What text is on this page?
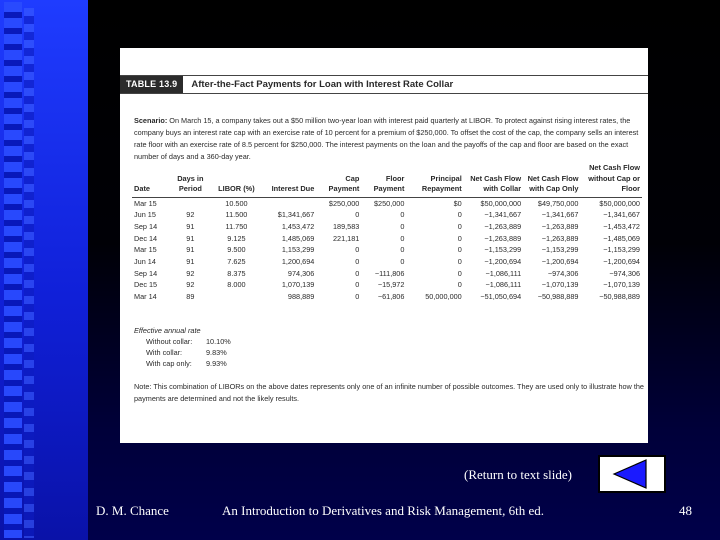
TABLE 13.9	After-the-Fact Payments for Loan with Interest Rate Collar

Scenario: On March 15, a company takes out a $50 million two-year loan with interest paid quarterly at LIBOR. To protect against rising interest rates, the company buys an interest rate cap with an exercise rate of 10 percent for a premium of $250,000. To offset the cost of the cap, the company sells an interest rate floor with an exercise rate of 8.5 percent for $250,000. The interest payments on the loan and the payoffs of the cap and floor are based on the exact number of days and a 360-day year.

Date	Days in Period	LIBOR (%)	Interest Due	Cap Payment	Floor Payment	Principal Repayment	Net Cash Flow with Collar	Net Cash Flow with Cap Only	Net Cash Flow without Cap or Floor
Mar 15		10.500		$250,000	$250,000	$0	$50,000,000	$49,750,000	$50,000,000
Jun 15	92	11.500	$1,341,667	0	0	0	−1,341,667	−1,341,667	−1,341,667
Sep 14	91	11.750	1,453,472	189,583	0	0	−1,263,889	−1,263,889	−1,453,472
Dec 14	91	9.125	1,485,069	221,181	0	0	−1,263,889	−1,263,889	−1,485,069
Mar 15	91	9.500	1,153,299	0	0	0	−1,153,299	−1,153,299	−1,153,299
Jun 14	91	7.625	1,200,694	0	0	0	−1,200,694	−1,200,694	−1,200,694
Sep 14	92	8.375	974,306	0	−111,806	0	−1,086,111	−974,306	−974,306
Dec 15	92	8.000	1,070,139	0	−15,972	0	−1,086,111	−1,070,139	−1,070,139
Mar 14	89		988,889	0	−61,806	50,000,000	−51,050,694	−50,988,889	−50,988,889
Effective annual rate
Without collar:	10.10%
With collar:	9.83%
With cap only:	9.93%

Note: This combination of LIBORs on the above dates represents only one of an infinite number of possible outcomes. They are used only to illustrate how the payments are determined and not the likely results.

(Return to text slide)
D. M. Chance	An Introduction to Derivatives and Risk Management, 6th ed.	48
